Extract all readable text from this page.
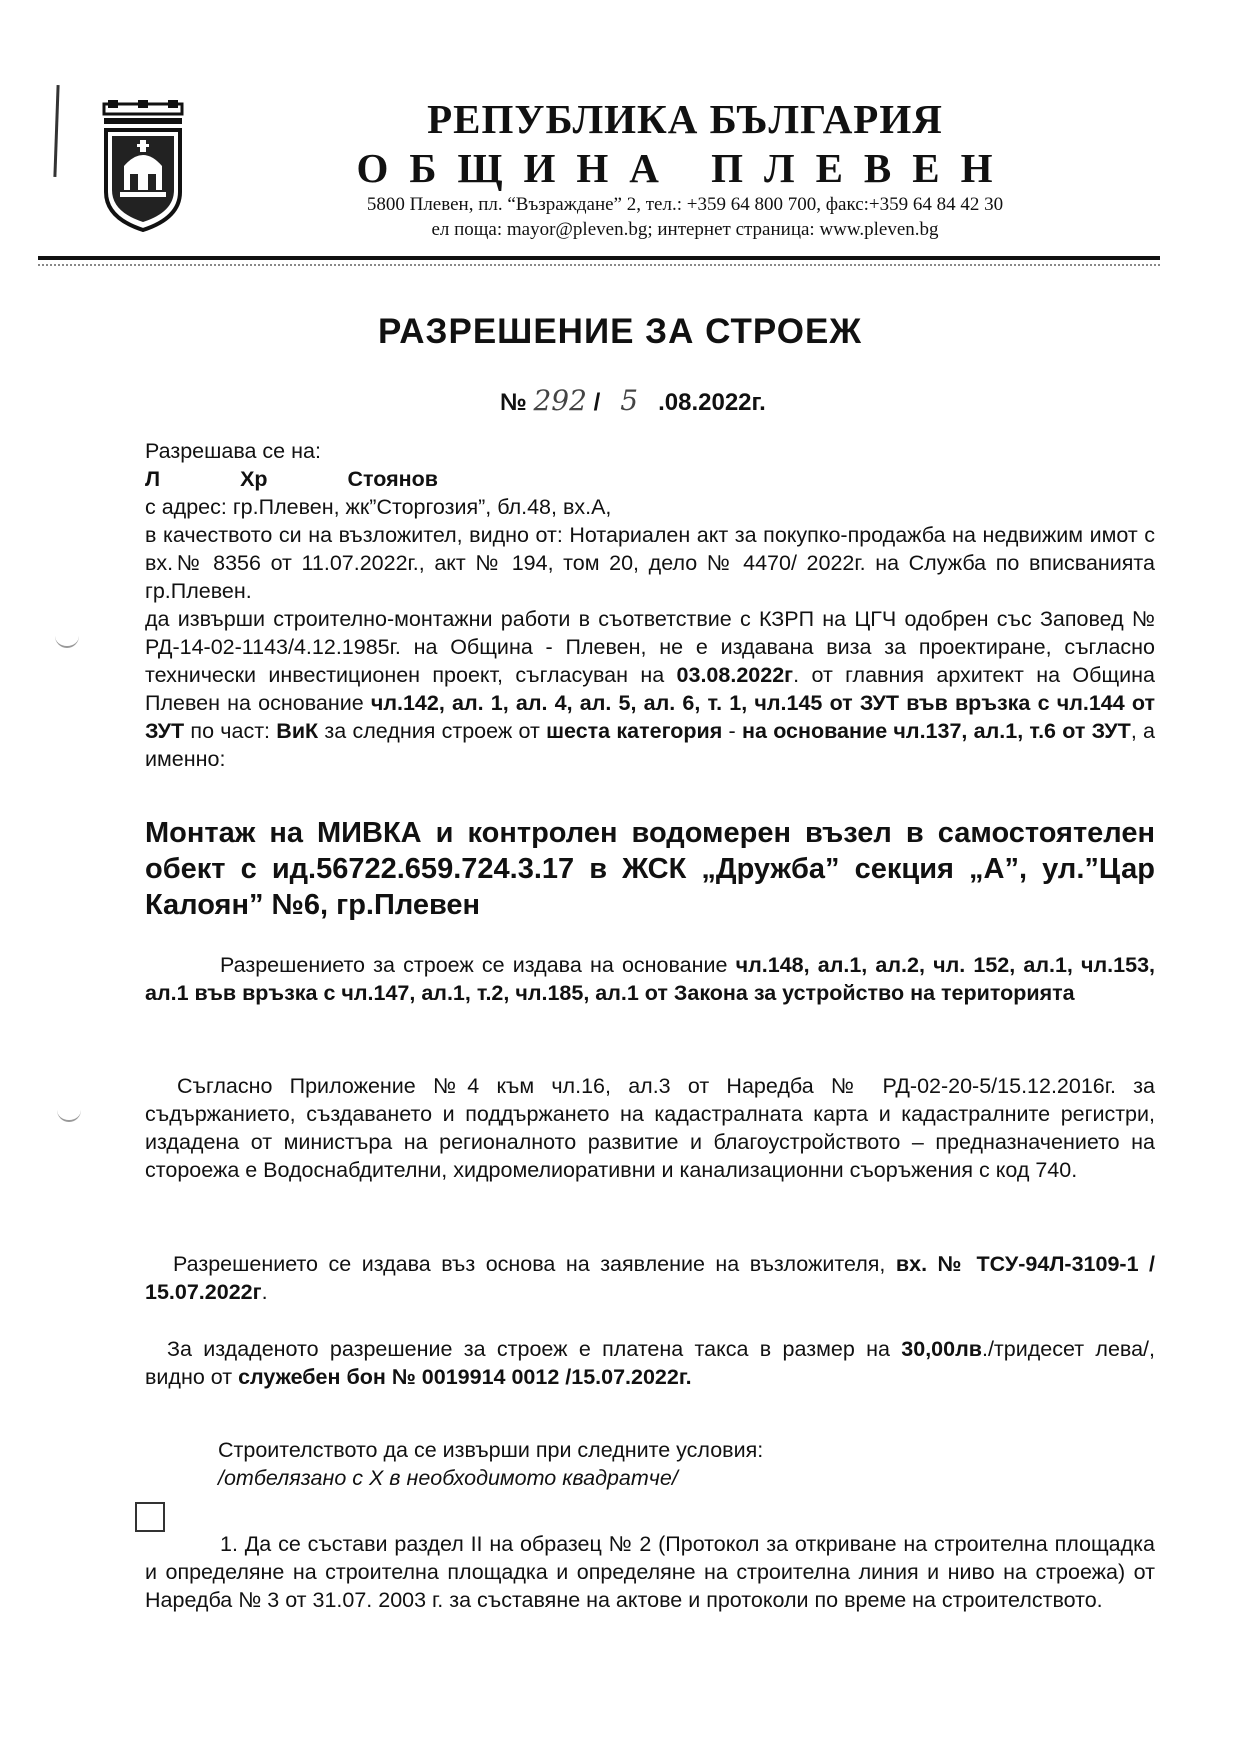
РЕПУБЛИКА БЪЛГАРИЯ
ОБЩИНА ПЛЕВЕН
5800 Плевен, пл. “Възраждане” 2, тел.: +359 64 800 700, факс:+359 64 84 42 30
ел поща: mayor@pleven.bg; интернет страница: www.pleven.bg
РАЗРЕШЕНИЕ ЗА СТРОЕЖ
№ 292 / 5 .08.2022г.
Разрешава се на:
Л	Хр	Стоянов
с адрес: гр.Плевен, жк”Сторгозия”, бл.48, вх.А,
в качеството си на възложител, видно от: Нотариален акт за покупко-продажба на недвижим имот с вх.№ 8356 от 11.07.2022г., акт № 194, том 20, дело № 4470/ 2022г. на Служба по вписванията гр.Плевен.
да извърши строително-монтажни работи в съответствие с КЗРП на ЦГЧ одобрен със Заповед № РД-14-02-1143/4.12.1985г. на Община - Плевен, не е издавана виза за проектиране, съгласно технически инвестиционен проект, съгласуван на 03.08.2022г. от главния архитект на Община Плевен на основание чл.142, ал. 1, ал. 4, ал. 5, ал. 6, т. 1, чл.145 от ЗУТ във връзка с чл.144 от ЗУТ по част: ВиК за следния строеж от шеста категория - на основание чл.137, ал.1, т.6 от ЗУТ, а именно:
Монтаж на МИВКА и контролен водомерен възел в самостоятелен обект с ид.56722.659.724.3.17 в ЖСК „Дружба” секция „А”, ул.”Цар Калоян” №6, гр.Плевен
Разрешението за строеж се издава на основание чл.148, ал.1, ал.2, чл. 152, ал.1, чл.153, ал.1 във връзка с чл.147, ал.1, т.2, чл.185, ал.1 от Закона за устройство на територията
Съгласно Приложение №4 към чл.16, ал.3 от Наредба № РД-02-20-5/15.12.2016г. за съдържанието, създаването и поддържането на кадастралната карта и кадастралните регистри, издадена от министъра на регионалното развитие и благоустройството – предназначението на стороежа е Водоснабдителни, хидромелиоративни и канализационни съоръжения с код 740.
Разрешението се издава въз основа на заявление на възложителя, вх. № ТСУ-94Л-3109-1 / 15.07.2022г.
За издаденото разрешение за строеж е платена такса в размер на 30,00лв./тридесет лева/, видно от служебен бон № 0019914 0012 /15.07.2022г.
Строителството да се извърши при следните условия:
/отбелязано с Х в необходимото квадратче/
1. Да се състави раздел II на образец № 2 (Протокол за откриване на строителна площадка и определяне на строителна площадка и определяне на строителна линия и ниво на строежа) от Наредба № 3 от 31.07. 2003 г. за съставяне на актове и протоколи по време на строителството.
